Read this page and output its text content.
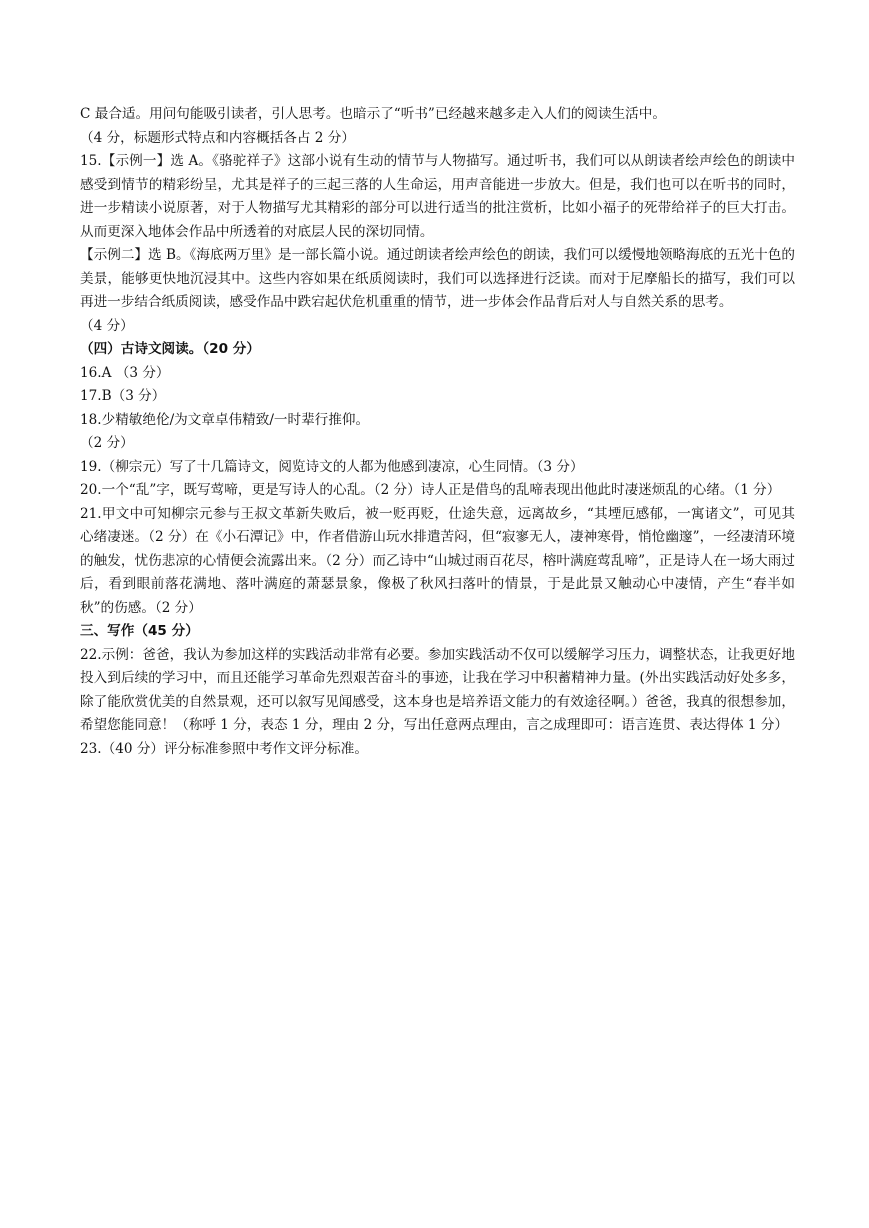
C 最合适。用问句能吸引读者，引人思考。也暗示了“听书”已经越来越多走入人们的阅读生活中。
（4 分，标题形式特点和内容概括各占 2 分）
15.【示例一】选 A。《骆驼祥子》这部小说有生动的情节与人物描写。通过听书，我们可以从朗读者绘声绘色的朗读中感受到情节的精彩纷呈，尤其是祥子的三起三落的人生命运，用声音能进一步放大。但是，我们也可以在听书的同时，进一步精读小说原著，对于人物描写尤其精彩的部分可以进行适当的批注赏析，比如小福子的死带给祥子的巨大打击。从而更深入地体会作品中所透着的对底层人民的深切同情。
【示例二】选 B。《海底两万里》是一部长篇小说。通过朗读者绘声绘色的朗读，我们可以缓慢地领略海底的五光十色的美景，能够更快地沉浸其中。这些内容如果在纸质阅读时，我们可以选择进行泛读。而对于尼摩船长的描写，我们可以再进一步结合纸质阅读，感受作品中跌宕起伏危机重重的情节，进一步体会作品背后对人与自然关系的思考。
（4 分）
（四）古诗文阅读。（20 分）
16.A （3 分）
17.B（3 分）
18.少精敏绝伦/为文章卓伟精致/一时辈行推仰。
（2 分）
19.（柳宗元）写了十几篇诗文，阅览诗文的人都为他感到凄凉，心生同情。（3 分）
20.一个“乱”字，既写莺啼，更是写诗人的心乱。（2 分）诗人正是借鸟的乱啼表现出他此时凄迷烦乱的心绪。（1 分）
21.甲文中可知柳宗元参与王叔文革新失败后，被一贬再贬，仕途失意，远离故乡，“其堙厄感郁，一寓诸文”，可见其心绪凄迷。（2 分）在《小石潭记》中，作者借游山玩水排遣苦闷，但“寂寥无人，凄神寒骨，悄怆幽邃”，一经凄清环境的触发，忧伤悲凉的心情便会流露出来。（2 分）而乙诗中“山城过雨百花尽，榕叶满庭莺乱啼”，正是诗人在一场大雨过后，看到眼前落花满地、落叶满庭的萧瑟景象，像极了秋风扫落叶的情景，于是此景又触动心中凄情，产生“春半如秋”的伤感。（2 分）
三、写作（45 分）
22.示例：爸爸，我认为参加这样的实践活动非常有必要。参加实践活动不仅可以缓解学习压力，调整状态，让我更好地投入到后续的学习中，而且还能学习革命先烈艰苦奋斗的事迹，让我在学习中积蓄精神力量。(外出实践活动好处多多，除了能欣赏优美的自然景观，还可以叙写见闻感受，这本身也是培养语文能力的有效途径啊。）爸爸，我真的很想参加，希望您能同意！（称呼 1 分，表态 1 分，理由 2 分，写出任意两点理由，言之成理即可：语言连贯、表达得体 1 分）
23.（40 分）评分标准参照中考作文评分标准。
